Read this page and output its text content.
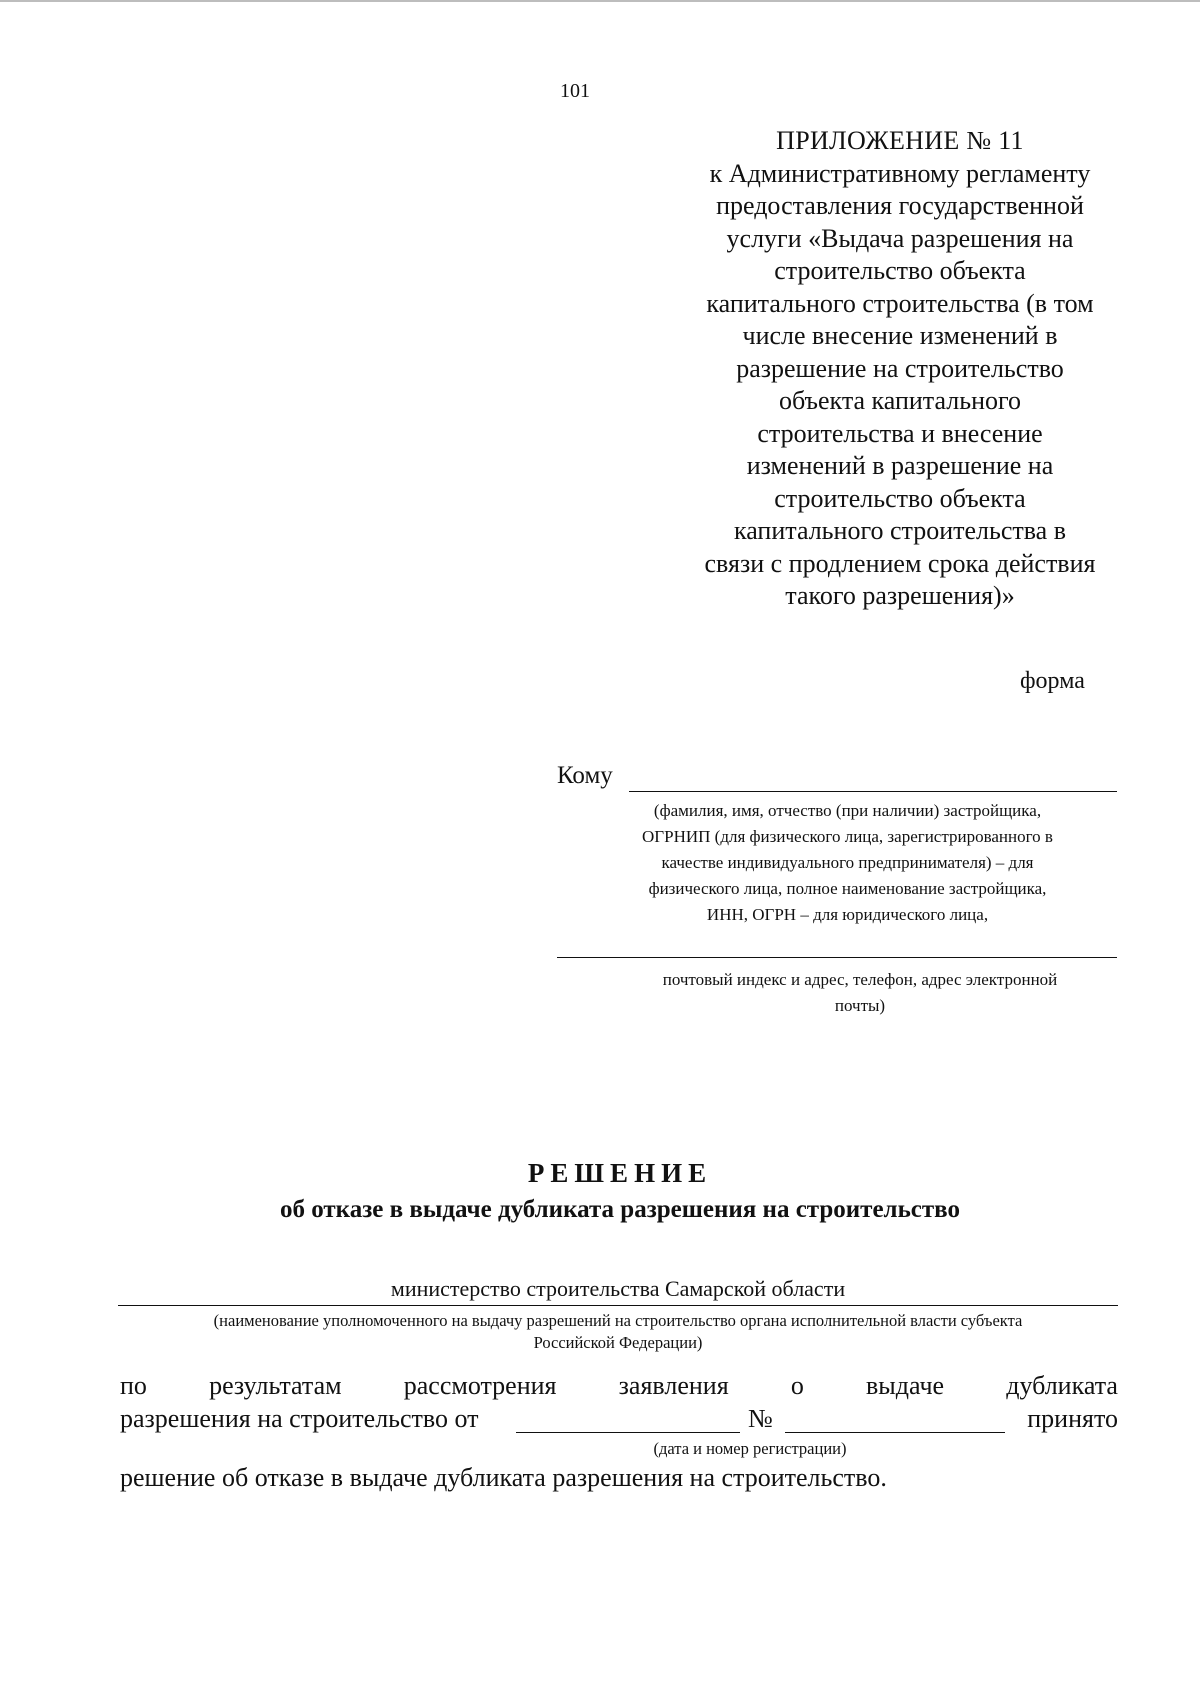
101
ПРИЛОЖЕНИЕ № 11
к Административному регламенту
предоставления государственной
услуги «Выдача разрешения на
строительство объекта
капитального строительства (в том
числе внесение изменений в
разрешение на строительство
объекта капитального
строительства и внесение
изменений в разрешение на
строительство объекта
капитального строительства в
связи с продлением срока действия
такого разрешения)»
форма
Кому
(фамилия, имя, отчество (при наличии) застройщика,
ОГРНИП (для физического лица, зарегистрированного в
качестве индивидуального предпринимателя) – для
физического лица, полное наименование застройщика,
ИНН, ОГРН – для юридического лица,
почтовый индекс и адрес, телефон, адрес электронной
почты)
РЕШЕНИЕ
об отказе в выдаче дубликата разрешения на строительство
министерство строительства Самарской области
(наименование уполномоченного на выдачу разрешений на строительство органа исполнительной власти субъекта
Российской Федерации)
по результатам рассмотрения заявления о выдаче дубликата
разрешения на строительство от	№	принято
(дата и номер регистрации)
решение об отказе в выдаче дубликата разрешения на строительство.
